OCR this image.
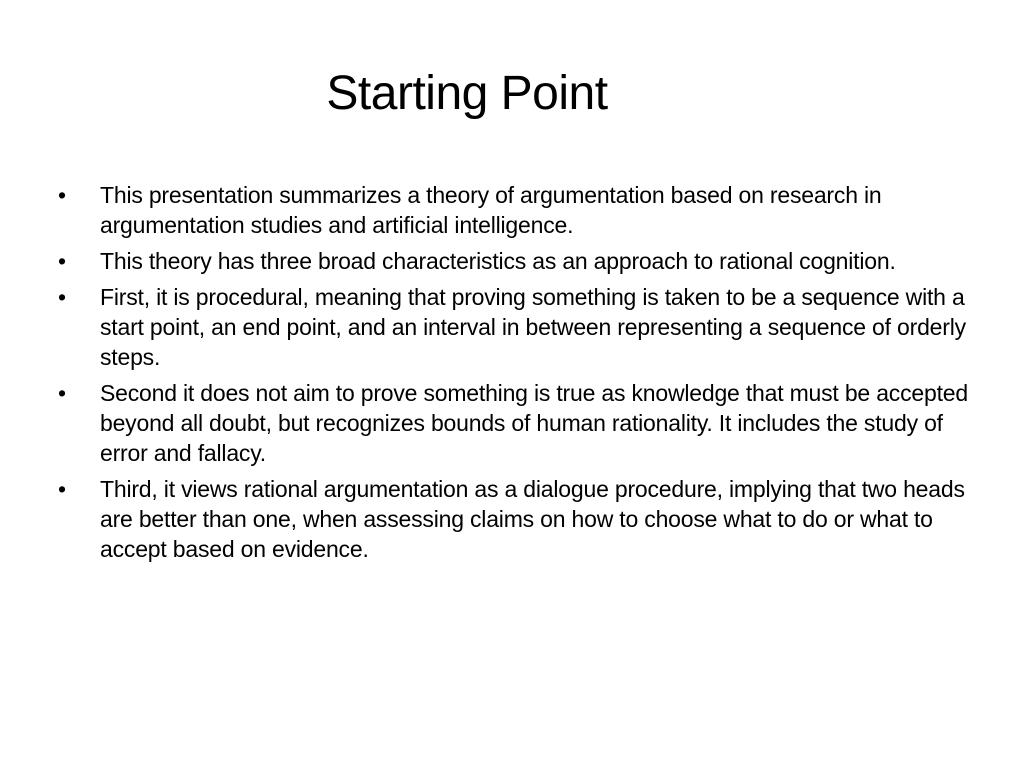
Starting Point
•	This presentation summarizes a theory of argumentation based on research in argumentation studies and artificial intelligence.
•	This theory has three broad characteristics as an approach to rational cognition.
•	First, it is procedural, meaning that proving something is taken to be a sequence with a start point, an end point, and an interval in between representing a sequence of orderly steps.
•	Second it does not aim to prove something is true as knowledge that must be accepted beyond all doubt, but recognizes bounds of human rationality. It includes the study of error and fallacy.
•	Third, it views rational argumentation as a dialogue procedure, implying that two heads are better than one, when assessing claims on how to choose what to do or what to accept based on evidence.
